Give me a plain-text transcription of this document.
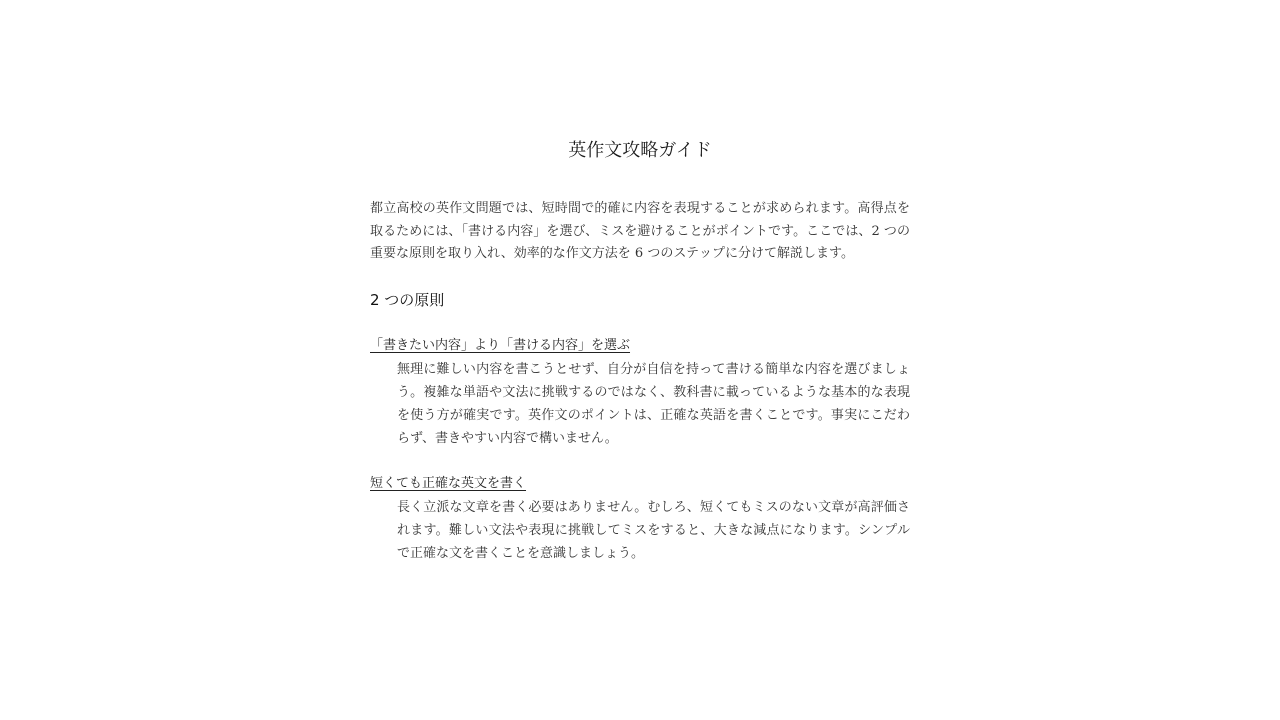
英作文攻略ガイド

都立高校の英作文問題では、短時間で的確に内容を表現することが求められます。高得点を取るためには、「書ける内容」を選び、ミスを避けることがポイントです。ここでは、2 つの重要な原則を取り入れ、効率的な作文方法を 6 つのステップに分けて解説します。

2 つの原則
「書きたい内容」より「書ける内容」を選ぶ
無理に難しい内容を書こうとせず、自分が自信を持って書ける簡単な内容を選びましょう。複雑な単語や文法に挑戦するのではなく、教科書に載っているような基本的な表現を使う方が確実です。英作文のポイントは、正確な英語を書くことです。事実にこだわらず、書きやすい内容で構いません。
短くても正確な英文を書く
長く立派な文章を書く必要はありません。むしろ、短くてもミスのない文章が高評価されます。難しい文法や表現に挑戦してミスをすると、大きな減点になります。シンプルで正確な文を書くことを意識しましょう。
